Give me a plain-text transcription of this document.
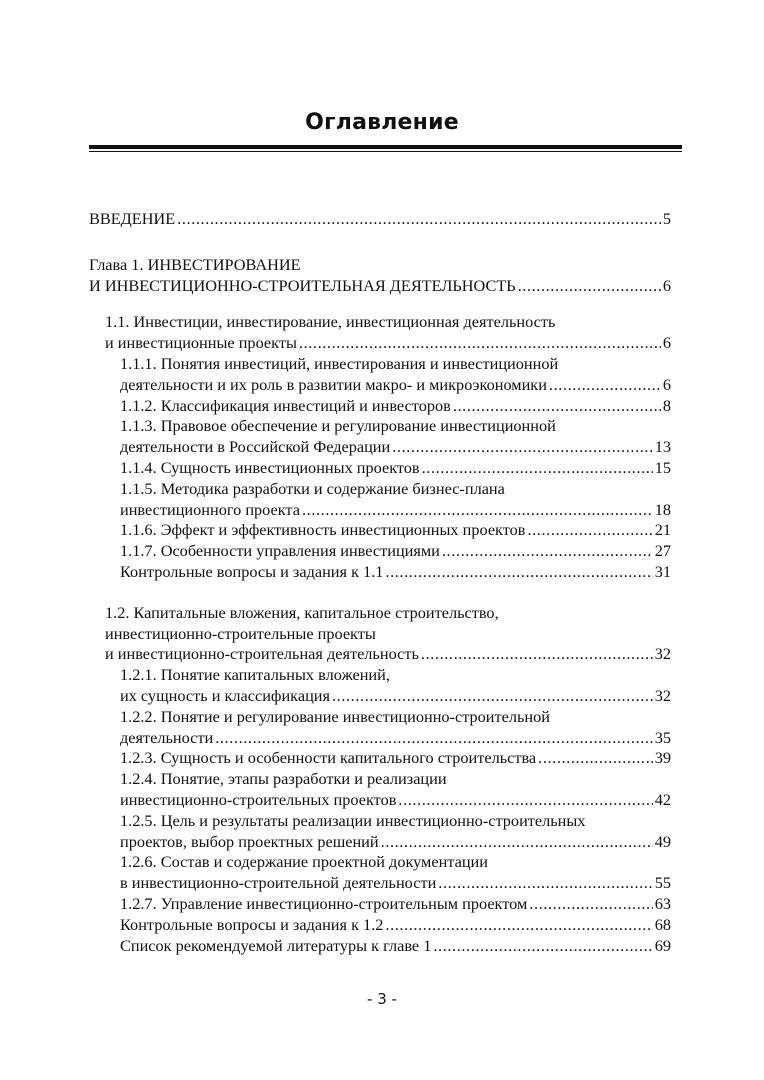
Оглавление
ВВЕДЕНИЕ .....	5
Глава 1. ИНВЕСТИРОВАНИЕ
И ИНВЕСТИЦИОННО-СТРОИТЕЛЬНАЯ ДЕЯТЕЛЬНОСТЬ .....	6
1.1. Инвестиции, инвестирование, инвестиционная деятельность
и инвестиционные проекты .....	6
1.1.1. Понятия инвестиций, инвестирования и инвестиционной
деятельности и их роль в развитии макро- и микроэкономики .....	6
1.1.2. Классификация инвестиций и инвесторов .....	8
1.1.3. Правовое обеспечение и регулирование инвестиционной
деятельности в Российской Федерации .....	13
1.1.4. Сущность инвестиционных проектов .....	15
1.1.5. Методика разработки и содержание бизнес-плана
инвестиционного проекта .....	18
1.1.6. Эффект и эффективность инвестиционных проектов .....	21
1.1.7. Особенности управления инвестициями .....	27
Контрольные вопросы и задания к 1.1 .....	31
1.2. Капитальные вложения, капитальное строительство,
инвестиционно-строительные проекты
и инвестиционно-строительная деятельность .....	32
1.2.1. Понятие капитальных вложений,
их сущность и классификация .....	32
1.2.2. Понятие и регулирование инвестиционно-строительной
деятельности .....	35
1.2.3. Сущность и особенности капитального строительства .....	39
1.2.4. Понятие, этапы разработки и реализации
инвестиционно-строительных проектов .....	42
1.2.5. Цель и результаты реализации инвестиционно-строительных
проектов, выбор проектных решений .....	49
1.2.6. Состав и содержание проектной документации
в инвестиционно-строительной деятельности .....	55
1.2.7. Управление инвестиционно-строительным проектом .....	63
Контрольные вопросы и задания к 1.2 .....	68
Список рекомендуемой литературы к главе 1 .....	69
- 3 -
